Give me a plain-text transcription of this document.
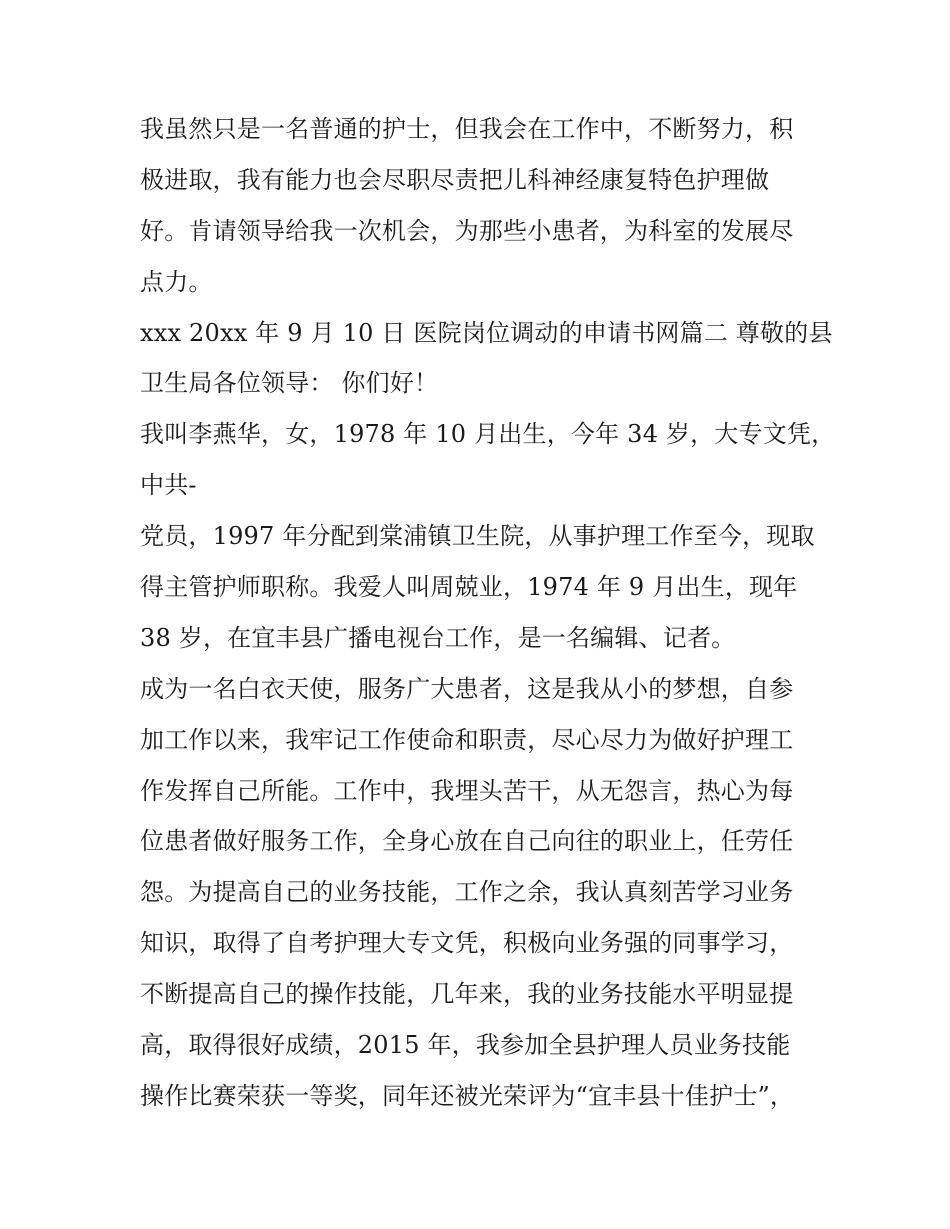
我虽然只是一名普通的护士，但我会在工作中，不断努力，积
极进取，我有能力也会尽职尽责把儿科神经康复特色护理做
好。肯请领导给我一次机会，为那些小患者，为科室的发展尽
点力。
xxx 20xx 年 9 月 10 日 医院岗位调动的申请书网篇二 尊敬的县
卫生局各位领导： 你们好！
我叫李燕华，女，1978 年 10 月出生，今年 34 岁，大专文凭，
中共-
党员，1997 年分配到棠浦镇卫生院，从事护理工作至今，现取
得主管护师职称。我爱人叫周兢业，1974 年 9 月出生，现年
38 岁，在宜丰县广播电视台工作，是一名编辑、记者。
成为一名白衣天使，服务广大患者，这是我从小的梦想，自参
加工作以来，我牢记工作使命和职责，尽心尽力为做好护理工
作发挥自己所能。工作中，我埋头苦干，从无怨言，热心为每
位患者做好服务工作，全身心放在自己向往的职业上，任劳任
怨。为提高自己的业务技能，工作之余，我认真刻苦学习业务
知识，取得了自考护理大专文凭，积极向业务强的同事学习，
不断提高自己的操作技能，几年来，我的业务技能水平明显提
高，取得很好成绩，2015 年，我参加全县护理人员业务技能
操作比赛荣获一等奖，同年还被光荣评为“宜丰县十佳护士”，
